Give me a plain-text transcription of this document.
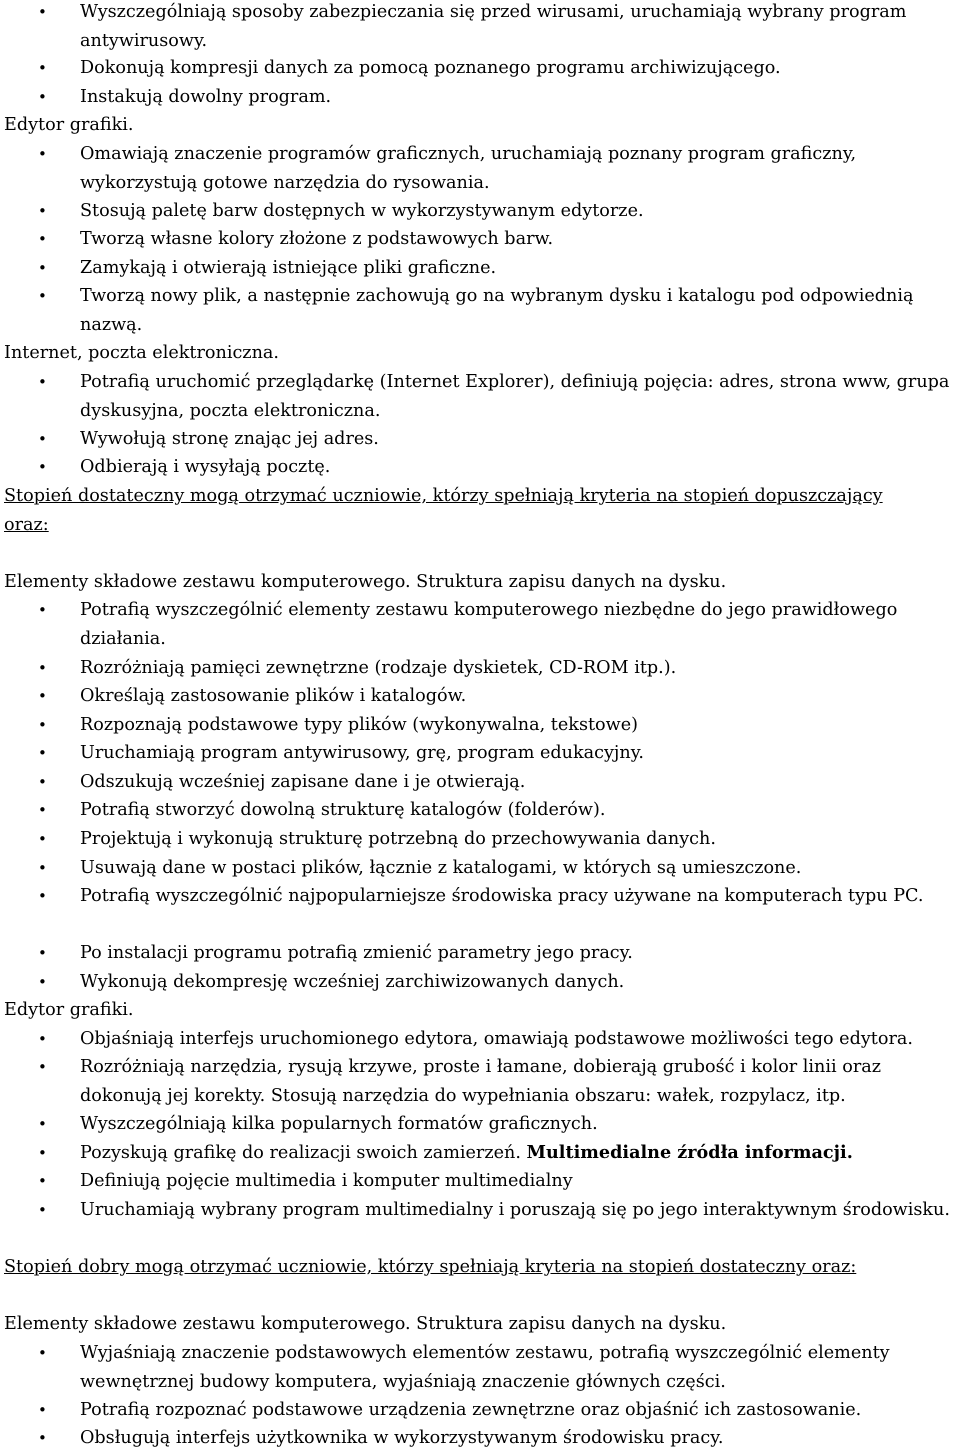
• Wyszczególniają sposoby zabezpieczania się przed wirusami, uruchamiają wybrany program antywirusowy.
• Dokonują kompresji danych za pomocą poznanego programu archiwizującego.
• Instakują dowolny program.
Edytor grafiki.
• Omawiają znaczenie programów graficznych, uruchamiają poznany program graficzny, wykorzystują gotowe narzędzia do rysowania.
• Stosują paletę barw dostępnych w wykorzystywanym edytorze.
• Tworzą własne kolory złożone z podstawowych barw.
• Zamykają i otwierają istniejące pliki graficzne.
• Tworzą nowy plik, a następnie zachowują go na wybranym dysku i katalogu pod odpowiednią nazwą.
Internet, poczta elektroniczna.
• Potrafią uruchomić przeglądarkę (Internet Explorer), definiują pojęcia: adres, strona www, grupa dyskusyjna, poczta elektroniczna.
• Wywołują stronę znając jej adres.
• Odbierają i wysyłają pocztę.
Stopień dostateczny mogą otrzymać uczniowie, którzy spełniają kryteria na stopień dopuszczający
oraz:
Elementy składowe zestawu komputerowego. Struktura zapisu danych na dysku.
• Potrafią wyszczególnić elementy zestawu komputerowego niezbędne do jego prawidłowego działania.
• Rozróżniają pamięci zewnętrzne (rodzaje dyskietek, CD-ROM itp.).
• Określają zastosowanie plików i katalogów.
• Rozpoznają podstawowe typy plików (wykonywalna, tekstowe)
• Uruchamiają program antywirusowy, grę, program edukacyjny.
• Odszukują wcześniej zapisane dane i je otwierają.
• Potrafią stworzyć dowolną strukturę katalogów (folderów).
• Projektują i wykonują strukturę potrzebną do przechowywania danych.
• Usuwają dane w postaci plików, łącznie z katalogami, w których są umieszczone.
• Potrafią wyszczególnić najpopularniejsze środowiska pracy używane na komputerach typu PC.
• Po instalacji programu potrafią zmienić parametry jego pracy.
• Wykonują dekompresję wcześniej zarchiwizowanych danych.
Edytor grafiki.
• Objaśniają interfejs uruchomionego edytora, omawiają podstawowe możliwości tego edytora.
• Rozróżniają narzędzia, rysują krzywe, proste i łamane, dobierają grubość i kolor linii oraz dokonują jej korekty. Stosują narzędzia do wypełniania obszaru: wałek, rozpylacz, itp.
• Wyszczególniają kilka popularnych formatów graficznych.
• Pozyskują grafikę do realizacji swoich zamierzeń. Multimedialne źródła informacji.
• Definiują pojęcie multimedia i komputer multimedialny
• Uruchamiają wybrany program multimedialny i poruszają się po jego interaktywnym środowisku.
Stopień dobry mogą otrzymać uczniowie, którzy spełniają kryteria na stopień dostateczny oraz:
Elementy składowe zestawu komputerowego. Struktura zapisu danych na dysku.
• Wyjaśniają znaczenie podstawowych elementów zestawu, potrafią wyszczególnić elementy wewnętrznej budowy komputera, wyjaśniają znaczenie głównych części.
• Potrafią rozpoznać podstawowe urządzenia zewnętrzne oraz objaśnić ich zastosowanie.
• Obsługują interfejs użytkownika w wykorzystywanym środowisku pracy.
